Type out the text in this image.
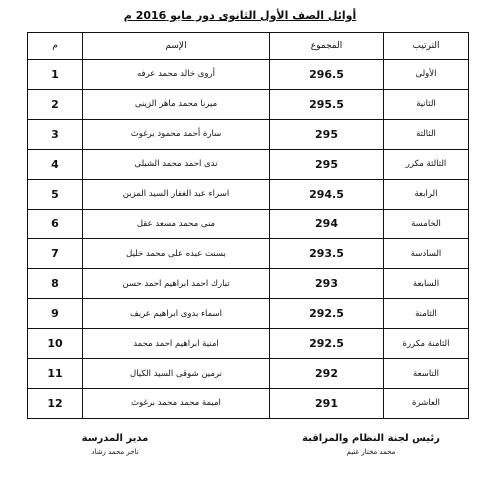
أوائل الصف الأول الثانوى دور مايو 2016 م
الترتيب	المجموع	الإسم	م
الأولى	296.5	أروى خالد محمد عرفه	1
الثانية	295.5	ميرنا محمد ماهر الزينى	2
الثالثة	295	سارة أحمد محمود برغوث	3
الثالثة مكرر	295	ندى احمد محمد الشبلى	4
الرابعة	294.5	اسراء عبد الغفار السيد المزين	5
الخامسة	294	منى محمد مسعد عقل	6
السادسة	293.5	بسنت عبده على محمد خليل	7
السابعة	293	تبارك احمد ابراهيم احمد حسن	8
الثامنة	292.5	اسماء بدوى ابراهيم عريف	9
الثامنة مكررة	292.5	امنية ابراهيم احمد محمد	10
التاسعة	292	نرمين شوقى السيد الكيال	11
العاشرة	291	اميمة محمد محمد برغوث	12
رئيس لجنة النظام والمراقبة
محمد مختار غنيم
مدير المدرسة
ناجر محمد رشاد
